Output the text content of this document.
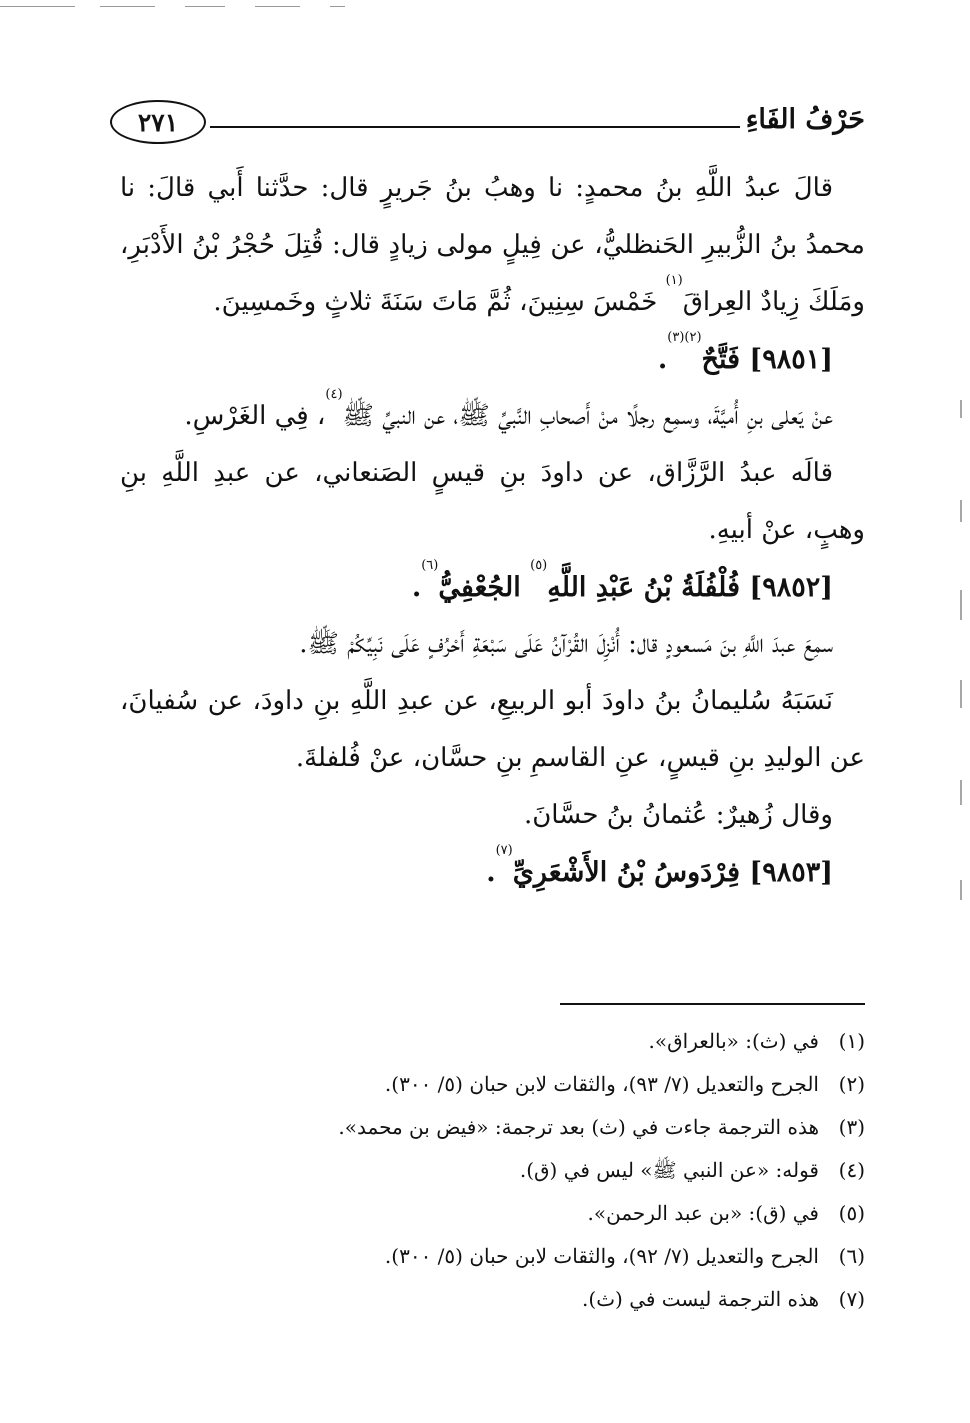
حَرْفُ الفَاءِ
٢٧١

قالَ عبدُ اللَّهِ بنُ محمدٍ: نا وهبُ بنُ جَريرٍ قال: حدَّثنا أَبي قالَ: نا محمدُ بنُ الزُّبيرِ الحَنظليُّ، عن فِيلٍ مولى زيادٍ قال: قُتِلَ حُجْرُ بْنُ الأَدْبَرِ، ومَلَكَ زِيادٌ العِراقَ$^{(١)}$ خَمْسَ سِنِينَ، ثُمَّ مَاتَ سَنَةَ ثلاثٍ وخَمسِينَ.

[٩٨٥١] فَتَّحٌ$^{(٢)(٣)}$.

عنْ يَعلى بنِ أُميَّةَ، وسمِع رجلًا منْ أَصحابِ النَّبيِّ ﷺ، عن النبيِّ ﷺ$^{(٤)}$، فِي الغَرْسِ.

قالَه عبدُ الرَّزَّاق، عن داودَ بنِ قيسٍ الصَنعاني، عن عبدِ اللَّهِ بنِ وهبٍ، عنْ أبيهِ.

[٩٨٥٢] فُلْفُلَةُ بْنُ عَبْدِ اللَّهِ$^{(٥)}$ الجُعْفِيُّ$^{(٦)}$.

سمِعَ عبدَ اللَّهِ بنَ مَسعودٍ قال: أُنْزِلَ القُرْآنُ عَلَى سَبْعَةِ أَحْرُفٍ عَلَى نَبِيِّكُمْ ﷺ.

نَسَبَهُ سُليمانُ بنُ داودَ أبو الربيعِ، عن عبدِ اللَّهِ بنِ داودَ، عن سُفيانَ، عن الوليدِ بنِ قيسٍ، عنِ القاسمِ بنِ حسَّان، عنْ فُلفلةَ.

وقال زُهيرٌ: عُثمانُ بنُ حسَّانَ.

[٩٨٥٣] فِرْدَوسُ بْنُ الأَشْعَرِيِّ$^{(٧)}$.

(١)في (ث): «بالعراق».
(٢)الجرح والتعديل (٧/ ٩٣)، والثقات لابن حبان (٥/ ٣٠٠).
(٣)هذه الترجمة جاءت في (ث) بعد ترجمة: «فيض بن محمد».
(٤)قوله: «عن النبي ﷺ» ليس في (ق).
(٥)في (ق): «بن عبد الرحمن».
(٦)الجرح والتعديل (٧/ ٩٢)، والثقات لابن حبان (٥/ ٣٠٠).
(٧)هذه الترجمة ليست في (ث).
